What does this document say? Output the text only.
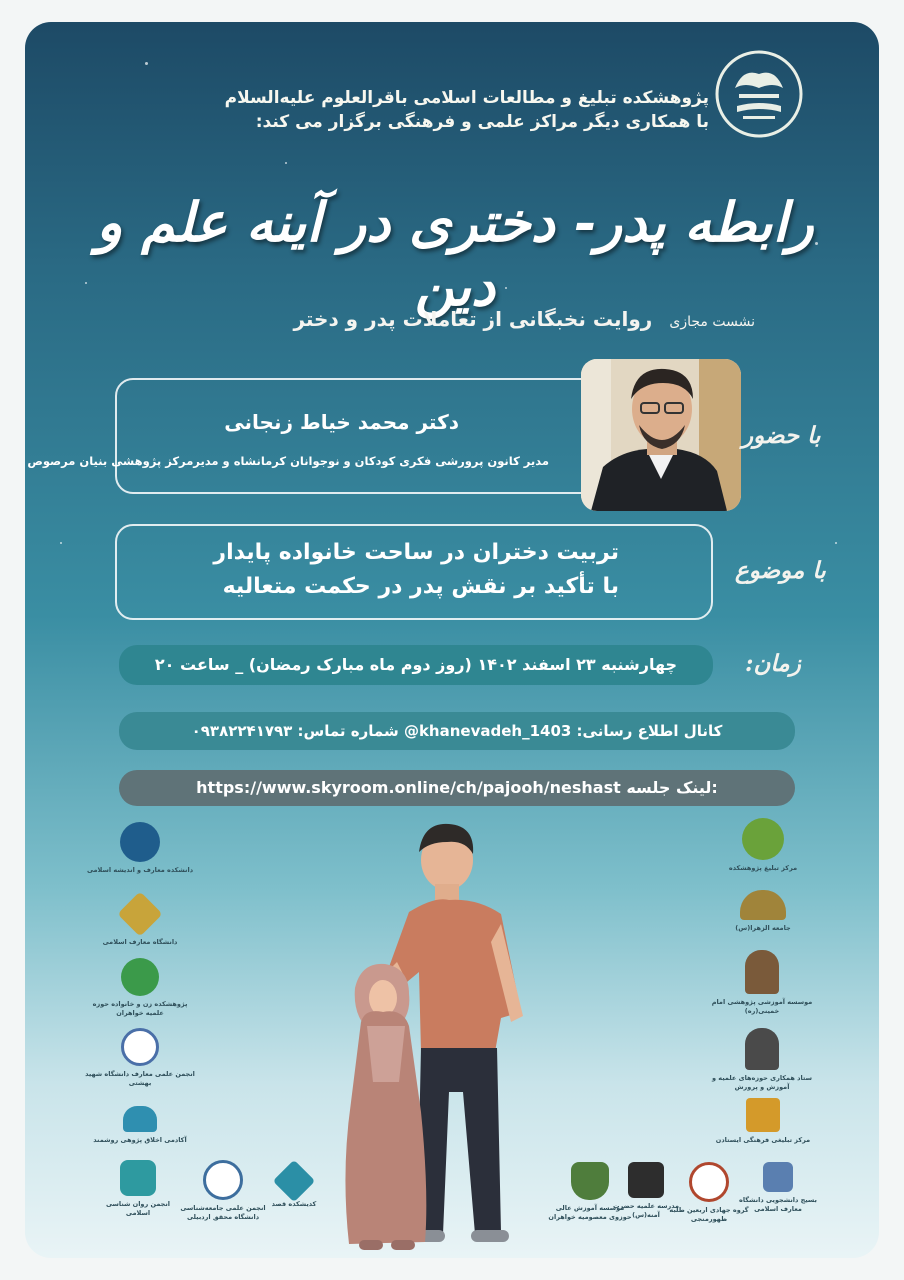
پژوهشکده تبلیغ و مطالعات اسلامی باقرالعلوم علیه‌السلام
با همکاری دیگر مراکز علمی و فرهنگی برگزار می کند:
رابطه پدر- دختری در آینه علم و دین
نشست مجازی روایت نخبگانی از تعاملات پدر و دختر
با حضور
دکتر محمد خیاط زنجانی
مدیر کانون پرورشی فکری کودکان و نوجوانان کرمانشاه و مدیرمرکز پژوهشی بنیان مرصوص
با موضوع
تربیت دختران در ساحت خانواده پایدار
با تأکید بر نقش پدر در حکمت متعالیه
زمان:
چهارشنبه ۲۳ اسفند ۱۴۰۲ (روز دوم ماه مبارک رمضان) _ ساعت ۲۰
کانال اطلاع رسانی: khanevadeh_1403@ شماره تماس: ۰۹۳۸۲۲۴۱۷۹۳
https://www.skyroom.online/ch/pajooh/neshast لینک جلسه:
دانشکده معارف و اندیشه اسلامی
دانشگاه معارف اسلامی
پژوهشکده زن و خانواده حوزه علمیه خواهران
انجمن علمی معارف دانشگاه شهید بهشتی
آکادمی اخلاق پژوهی روشمند
انجمن روان شناسی اسلامی
انجمن علمی جامعه‌شناسی دانشگاه محقق اردبیلی
کدیشکده قصد	موسسه آموزش عالی حوزوی معصومیه خواهران
مدرسه علمیه حضرت آمنه(س)
گروه جهادی اربعین طلبه ظهورمنجی
بسیج دانشجویی دانشگاه معارف اسلامی
مرکز تبلیغ پژوهشکده
جامعه الزهرا(س)
موسسه آموزشی پژوهشی امام خمینی(ره)
ستاد همکاری حوزه‌های علمیه و آموزش و پرورش
مرکز تبلیغی فرهنگی ایستادن
